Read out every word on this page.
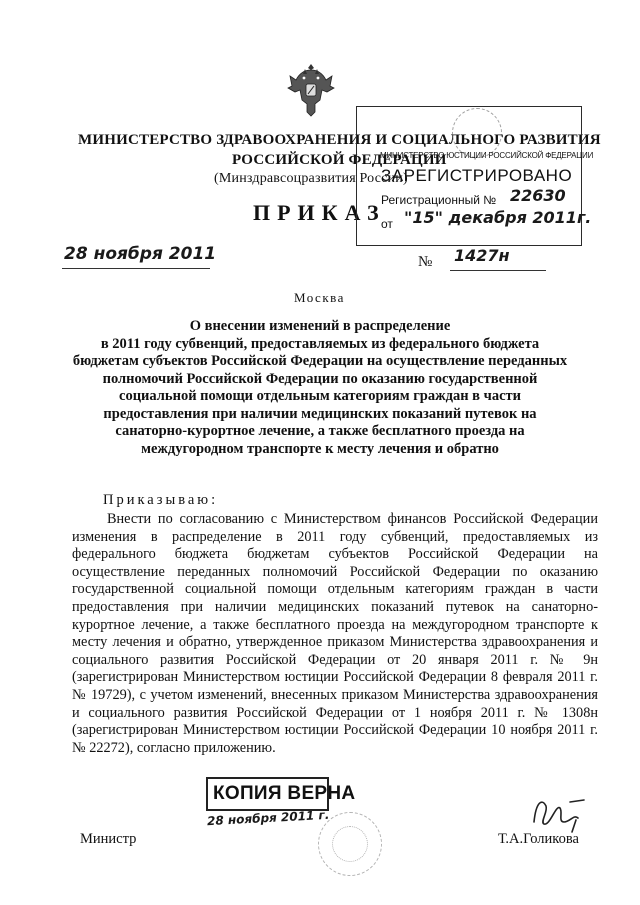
МИНИСТЕРСТВО ЗДРАВООХРАНЕНИЯ И СОЦИАЛЬНОГО РАЗВИТИЯ
РОССИЙСКОЙ ФЕДЕРАЦИИ
(Минздравсоцразвития России)
ПРИКАЗ
МИНИСТЕРСТВО ЮСТИЦИИ РОССИЙСКОЙ ФЕДЕРАЦИИ
ЗАРЕГИСТРИРОВАНО
Регистрационный № 22630
от "15" декабря 2011г.
28 ноября 2011	№ 1427н
Москва
О внесении изменений в распределение
в 2011 году субвенций, предоставляемых из федерального бюджета
бюджетам субъектов Российской Федерации на осуществление переданных
полномочий Российской Федерации по оказанию государственной
социальной помощи отдельным категориям граждан в части
предоставления при наличии медицинских показаний путевок на
санаторно-курортное лечение, а также бесплатного проезда на
междугородном транспорте к месту лечения и обратно
Приказываю:
Внести по согласованию с Министерством финансов Российской Федерации изменения в распределение в 2011 году субвенций, предоставляемых из федерального бюджета бюджетам субъектов Российской Федерации на осуществление переданных полномочий Российской Федерации по оказанию государственной социальной помощи отдельным категориям граждан в части предоставления при наличии медицинских показаний путевок на санаторно-курортное лечение, а также бесплатного проезда на междугородном транспорте к месту лечения и обратно, утвержденное приказом Министерства здравоохранения и социального развития Российской Федерации от 20 января 2011 г. № 9н (зарегистрирован Министерством юстиции Российской Федерации 8 февраля 2011 г. № 19729), с учетом изменений, внесенных приказом Министерства здравоохранения и социального развития Российской Федерации от 1 ноября 2011 г. № 1308н (зарегистрирован Министерством юстиции Российской Федерации 10 ноября 2011 г. № 22272), согласно приложению.
КОПИЯ ВЕРНА
28 ноября 2011 г.
Министр	Т.А.Голикова
